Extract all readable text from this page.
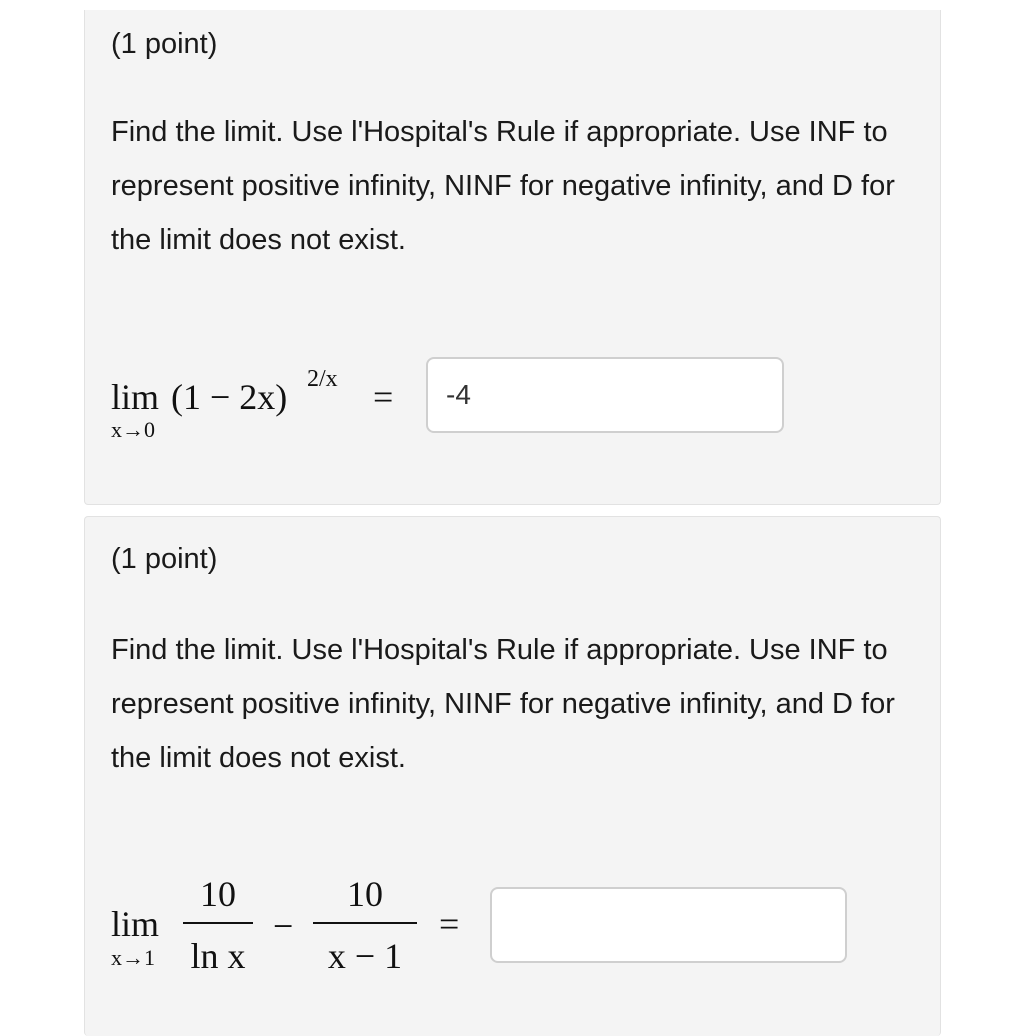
(1 point)
Find the limit. Use l'Hospital's Rule if appropriate. Use INF to represent positive infinity, NINF for negative infinity, and D for the limit does not exist.
lim
x→0
(1 − 2x) 2/x =	-4
(1 point)
Find the limit. Use l'Hospital's Rule if appropriate. Use INF to represent positive infinity, NINF for negative infinity, and D for the limit does not exist.
lim
x→1
10
ln x
−
10
x − 1
=
